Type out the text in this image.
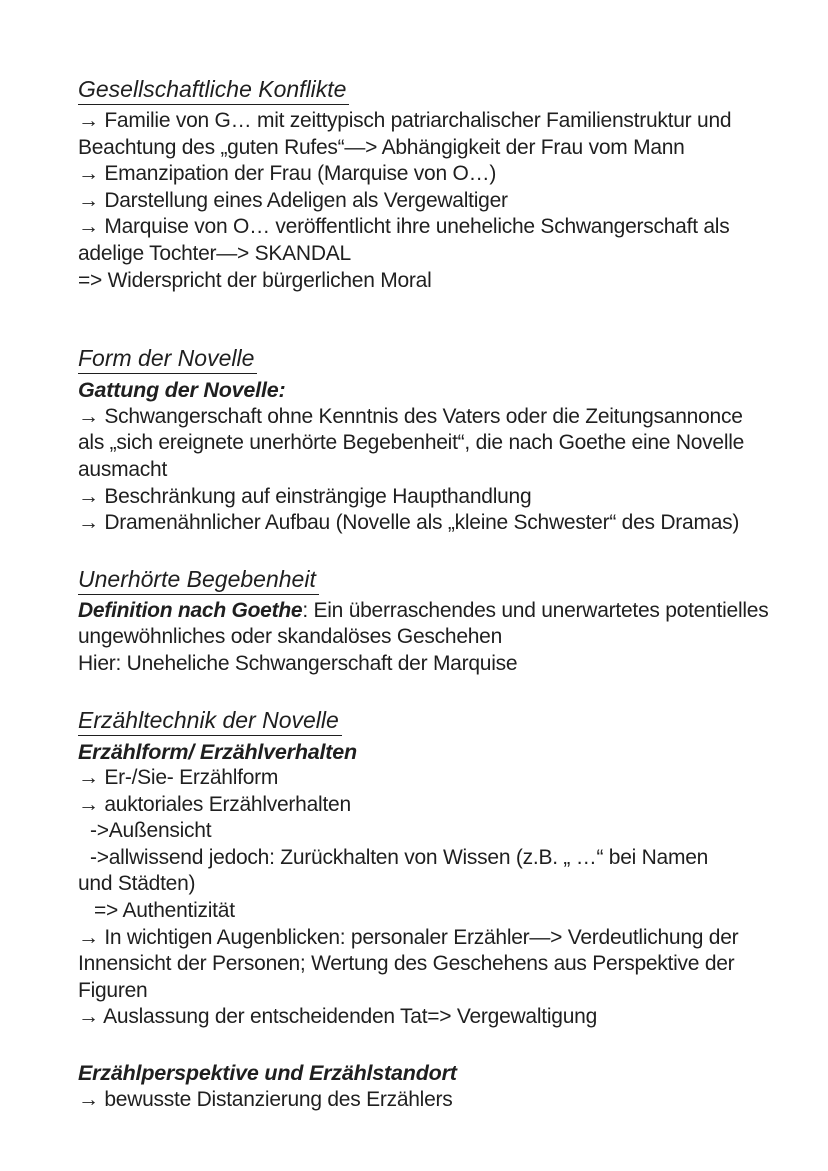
Gesellschaftliche Konflikte
→ Familie von G… mit zeittypisch patriarchalischer Familienstruktur und
Beachtung des „guten Rufes“—> Abhängigkeit der Frau vom Mann
→ Emanzipation der Frau (Marquise von O…)
→ Darstellung eines Adeligen als Vergewaltiger
→ Marquise von O… veröffentlicht ihre uneheliche Schwangerschaft als
adelige Tochter—> SKANDAL
=> Widerspricht der bürgerlichen Moral
Form der Novelle
Gattung der Novelle:
→ Schwangerschaft ohne Kenntnis des Vaters oder die Zeitungsannonce
als „sich ereignete unerhörte Begebenheit“, die nach Goethe eine Novelle
ausmacht
→ Beschränkung auf einsträngige Haupthandlung
→ Dramenähnlicher Aufbau (Novelle als „kleine Schwester“ des Dramas)
Unerhörte Begebenheit
Definition nach Goethe: Ein überraschendes und unerwartetes potentielles
ungewöhnliches oder skandalöses Geschehen
Hier: Uneheliche Schwangerschaft der Marquise
Erzähltechnik der Novelle
Erzählform/ Erzählverhalten
→ Er-/Sie- Erzählform
→ auktoriales Erzählverhalten
->Außensicht
->allwissend jedoch: Zurückhalten von Wissen (z.B. „ …“ bei Namen
und Städten)
=> Authentizität
→ In wichtigen Augenblicken: personaler Erzähler—> Verdeutlichung der
Innensicht der Personen; Wertung des Geschehens aus Perspektive der
Figuren
→ Auslassung der entscheidenden Tat=> Vergewaltigung
Erzählperspektive und Erzählstandort
→ bewusste Distanzierung des Erzählers
